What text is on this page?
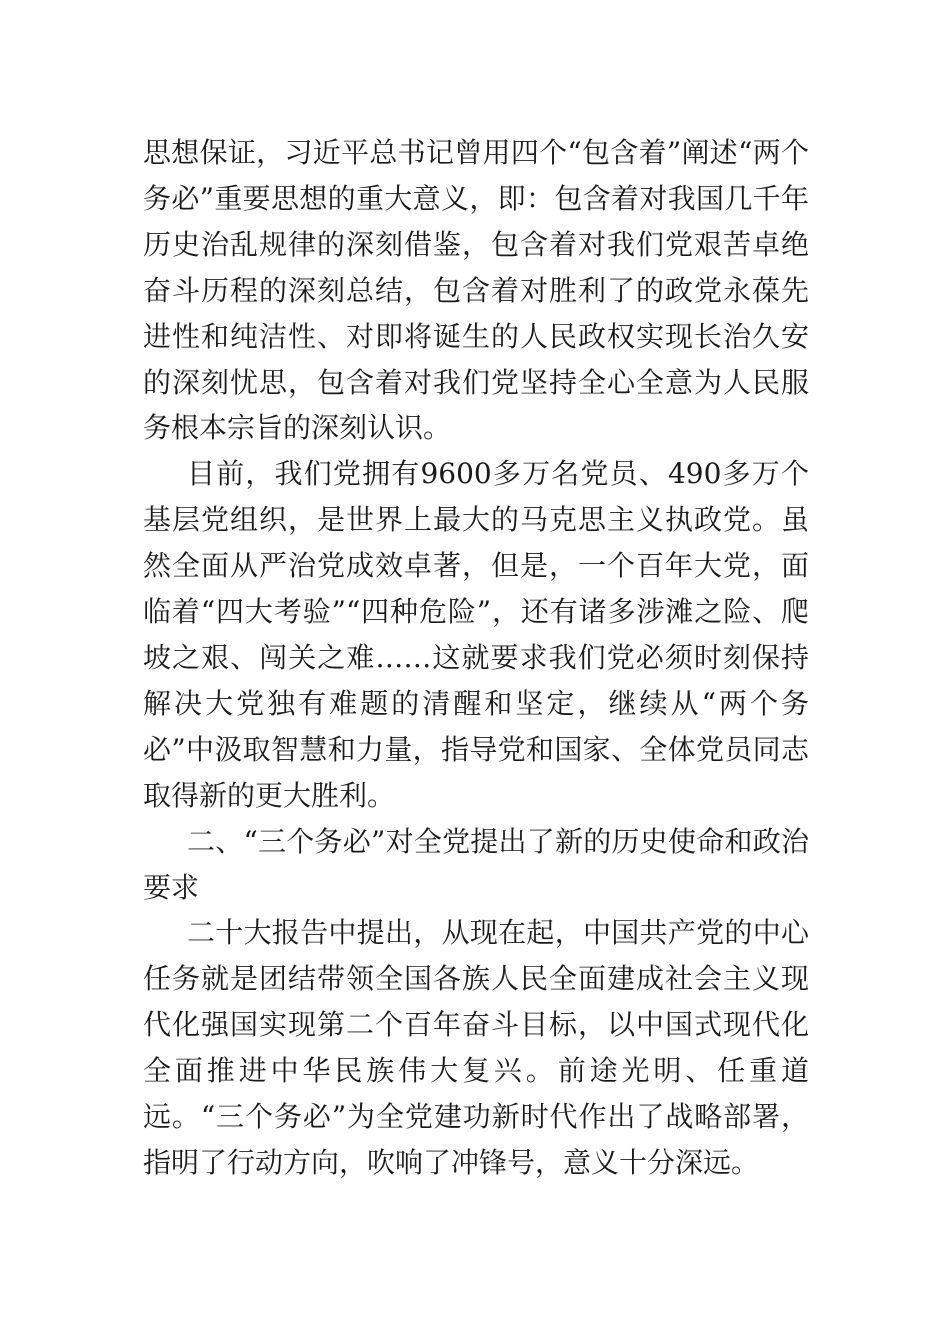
思想保证，习近平总书记曾用四个“包含着”阐述“两个务必”重要思想的重大意义，即：包含着对我国几千年历史治乱规律的深刻借鉴，包含着对我们党艰苦卓绝奋斗历程的深刻总结，包含着对胜利了的政党永葆先进性和纯洁性、对即将诞生的人民政权实现长治久安的深刻忧思，包含着对我们党坚持全心全意为人民服务根本宗旨的深刻认识。

目前，我们党拥有9600多万名党员、490多万个基层党组织，是世界上最大的马克思主义执政党。虽然全面从严治党成效卓著，但是，一个百年大党，面临着“四大考验”“四种危险”，还有诸多涉滩之险、爬坡之艰、闯关之难……这就要求我们党必须时刻保持解决大党独有难题的清醒和坚定，继续从“两个务必”中汲取智慧和力量，指导党和国家、全体党员同志取得新的更大胜利。

二、“三个务必”对全党提出了新的历史使命和政治要求

二十大报告中提出，从现在起，中国共产党的中心任务就是团结带领全国各族人民全面建成社会主义现代化强国实现第二个百年奋斗目标，以中国式现代化全面推进中华民族伟大复兴。前途光明、任重道远。“三个务必”为全党建功新时代作出了战略部署，指明了行动方向，吹响了冲锋号，意义十分深远。
